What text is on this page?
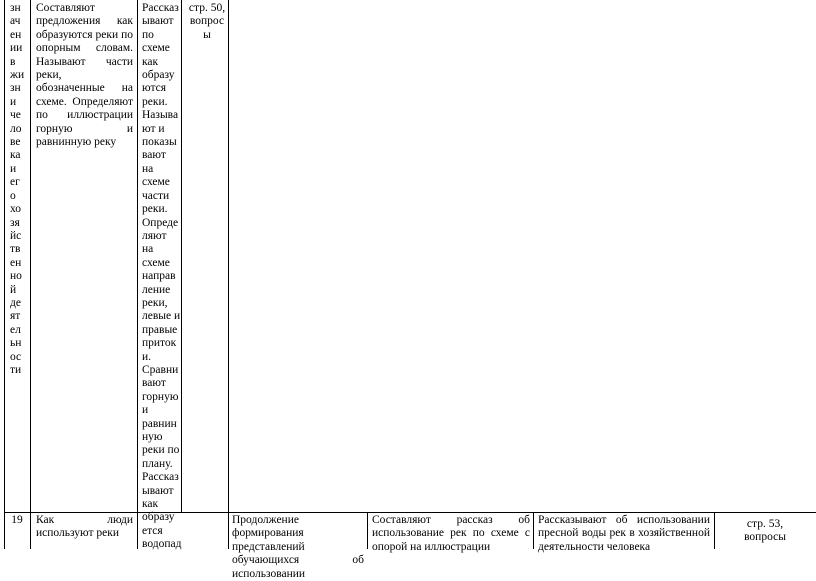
зн
ач
ен
ии
в
жи
зн
и
че
ло
ве
ка
и
ег
о
хо
зя
йс
тв
ен
но
й
де
ят
ел
ьн
ос
ти
Составляют предложения как образуются реки по опорным словам. Называют части реки, обозначенные на схеме. Определяют по иллюстрации горную и равнинную реку
Рассказ
ывают
по
схеме
как
образу
ются
реки.
Называ
ют и
показы
вают
на
схеме
части
реки.
Опреде
ляют
на
схеме
направ
ление
реки,
левые и
правые
приток
и.
Сравни
вают
горную
и
равнин
ную
реки по
плану.
Рассказ
ывают
как
образу
ется
водопад
стр. 50,
вопрос
ы
19	Как люди используют реки
Продолжение формирования представлений обучающихся об использовании
Составляют рассказ об использование рек по схеме с опорой на иллюстрации
Рассказывают об использовании пресной воды рек в хозяйственной деятельности человека
стр. 53,
вопросы
